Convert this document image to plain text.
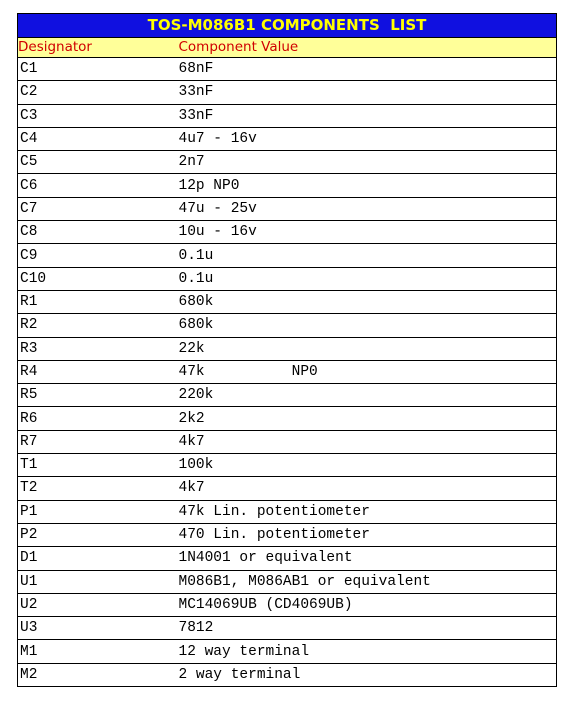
TOS-M086B1 COMPONENTS  LIST	
Designator	Component Value
C1	68nF
C2	33nF
C3	33nF
C4	4u7 - 16v
C5	2n7
C6	12p NP0
C7	47u - 25v
C8	10u - 16v
C9	0.1u
C10	0.1u
R1	680k
R2	680k
R3	22k
R4	47k          NP0
R5	220k
R6	2k2
R7	4k7
T1	100k
T2	4k7
P1	47k Lin. potentiometer
P2	470 Lin. potentiometer
D1	1N4001 or equivalent
U1	M086B1, M086AB1 or equivalent
U2	MC14069UB (CD4069UB)
U3	7812
M1	12 way terminal
M2	2 way terminal
